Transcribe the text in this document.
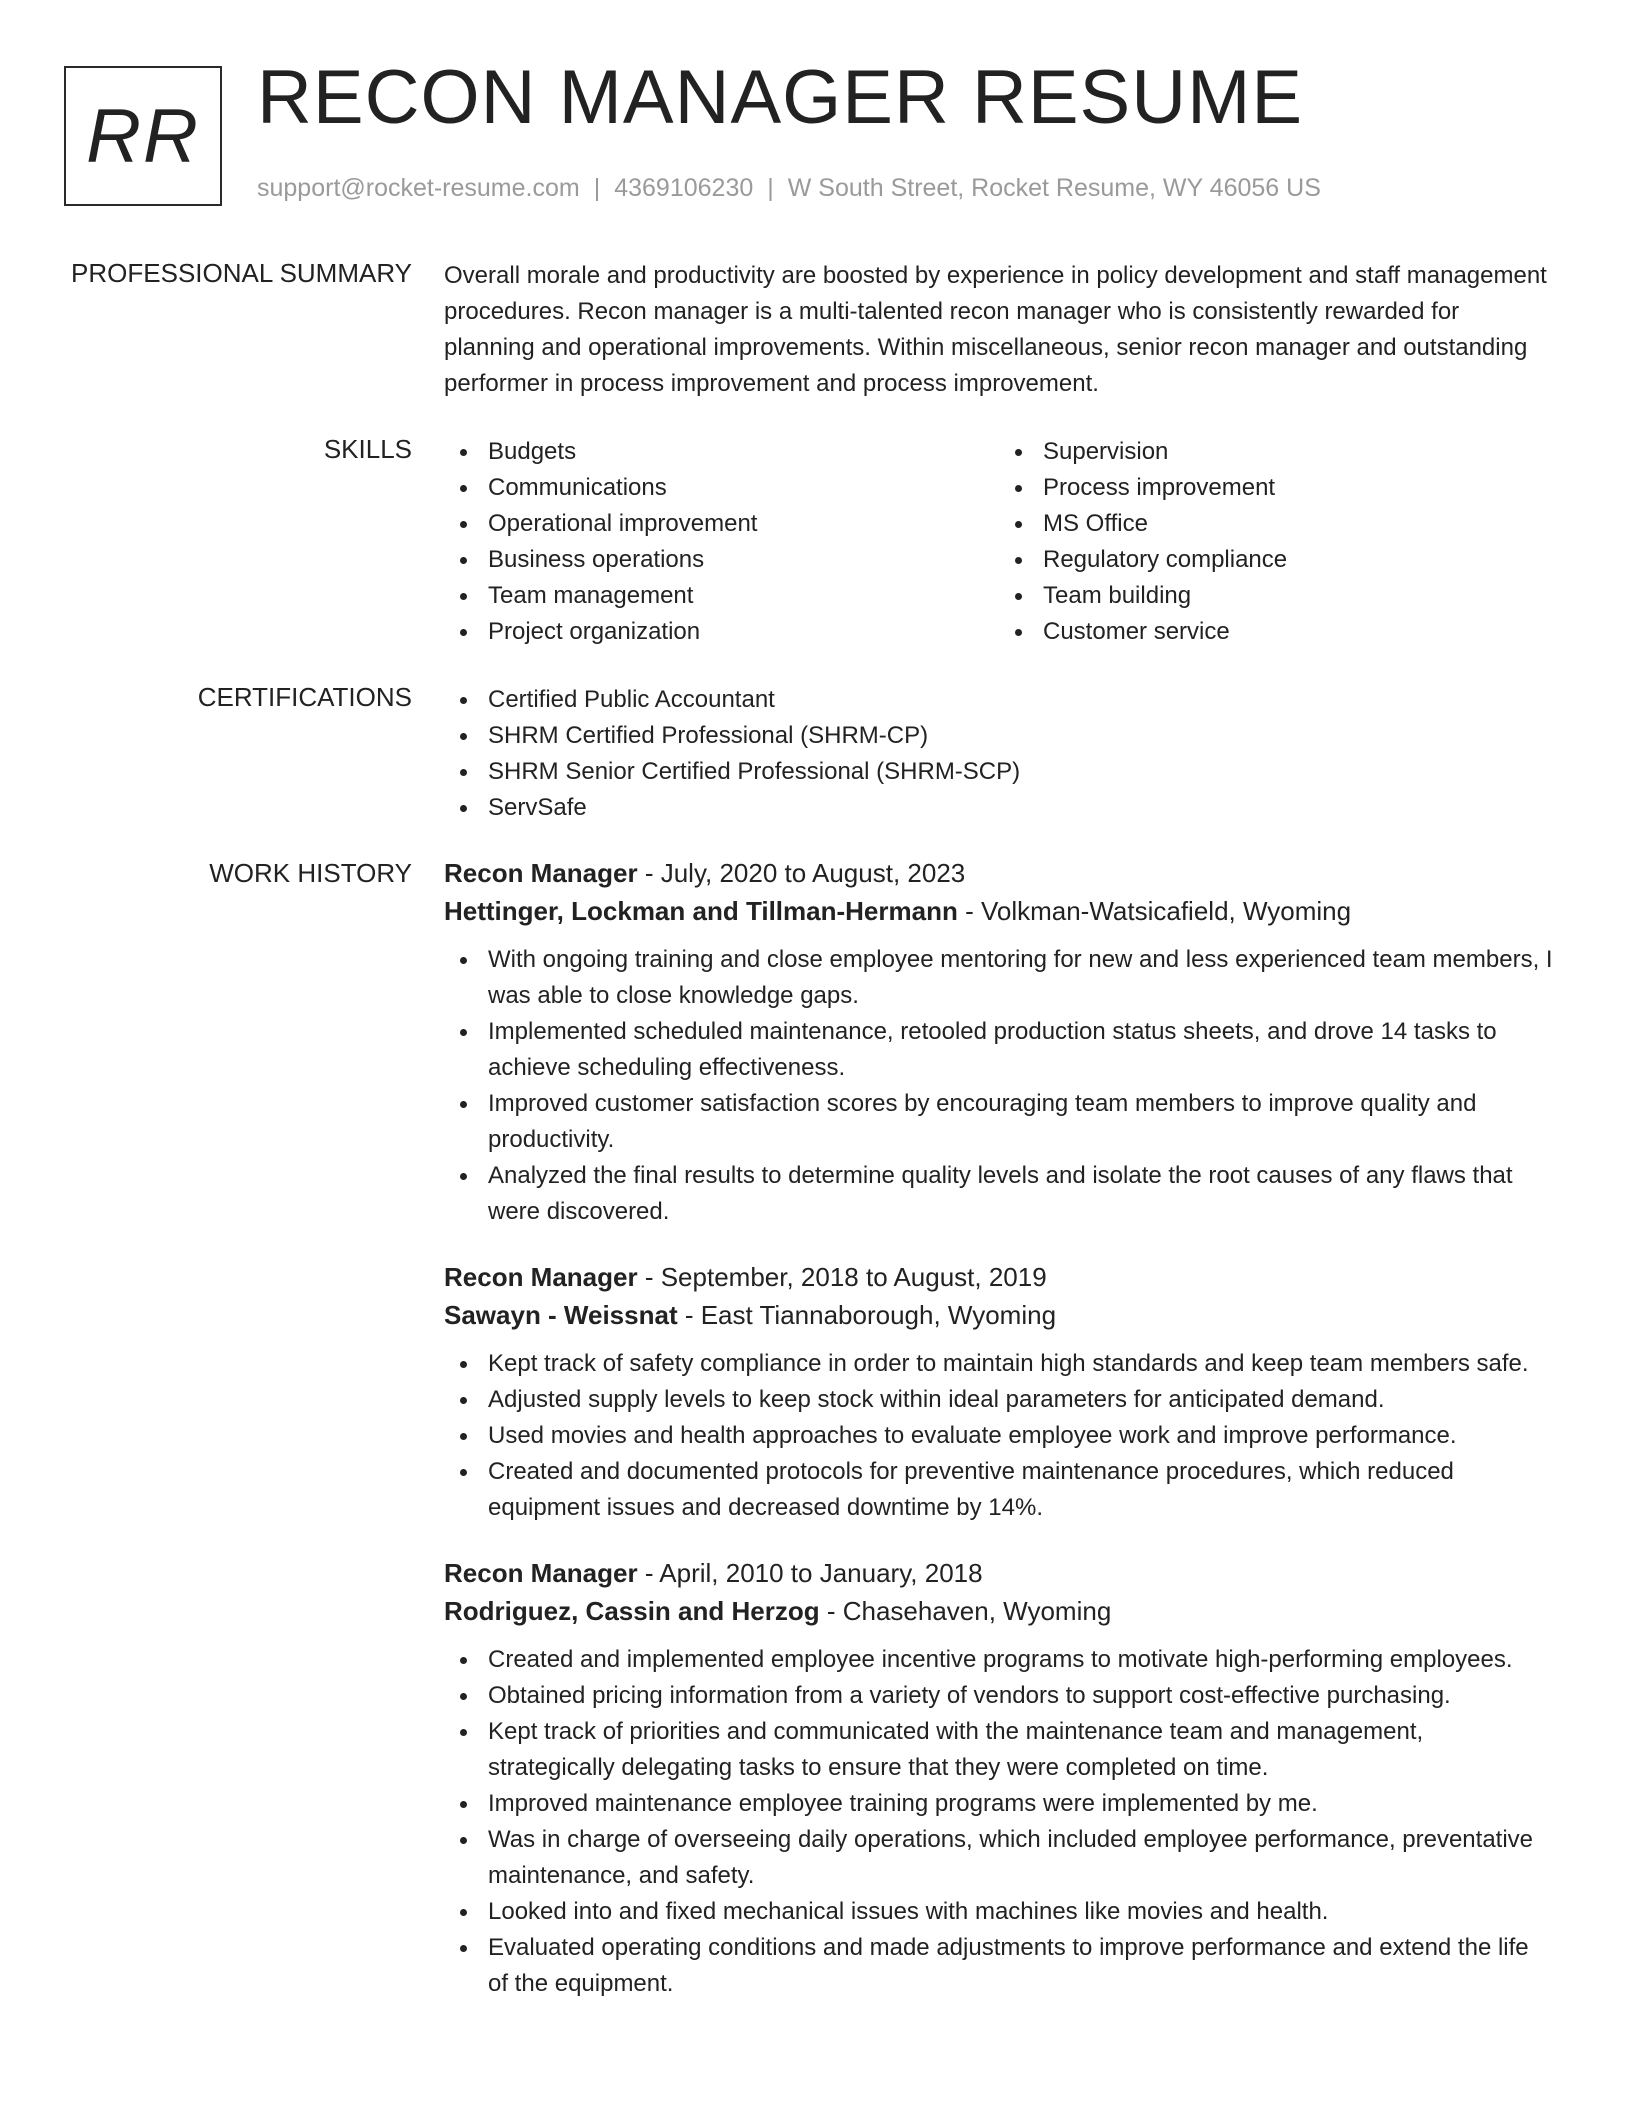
RR RECON MANAGER RESUME
support@rocket-resume.com | 4369106230 | W South Street, Rocket Resume, WY 46056 US
PROFESSIONAL SUMMARY Overall morale and productivity are boosted by experience in policy development and staff management procedures. Recon manager is a multi-talented recon manager who is consistently rewarded for planning and operational improvements. Within miscellaneous, senior recon manager and outstanding performer in process improvement and process improvement.

SKILLS	Budgets
Communications
Operational improvement
Business operations
Team management
Project organization
Supervision
Process improvement
MS Office
Regulatory compliance
Team building
Customer service
CERTIFICATIONS	Certified Public Accountant
SHRM Certified Professional (SHRM-CP)
SHRM Senior Certified Professional (SHRM-SCP)
ServSafe
WORK HISTORY Recon Manager - July, 2020 to August, 2023
Hettinger, Lockman and Tillman-Hermann - Volkman-Watsicafield, Wyoming
With ongoing training and close employee mentoring for new and less experienced team members, I was able to close knowledge gaps.
Implemented scheduled maintenance, retooled production status sheets, and drove 14 tasks to achieve scheduling effectiveness.
Improved customer satisfaction scores by encouraging team members to improve quality and productivity.
Analyzed the final results to determine quality levels and isolate the root causes of any flaws that were discovered.
Recon Manager - September, 2018 to August, 2019
Sawayn - Weissnat - East Tiannaborough, Wyoming
Kept track of safety compliance in order to maintain high standards and keep team members safe.
Adjusted supply levels to keep stock within ideal parameters for anticipated demand.
Used movies and health approaches to evaluate employee work and improve performance.
Created and documented protocols for preventive maintenance procedures, which reduced equipment issues and decreased downtime by 14%.
Recon Manager - April, 2010 to January, 2018
Rodriguez, Cassin and Herzog - Chasehaven, Wyoming
Created and implemented employee incentive programs to motivate high-performing employees.
Obtained pricing information from a variety of vendors to support cost-effective purchasing.
Kept track of priorities and communicated with the maintenance team and management, strategically delegating tasks to ensure that they were completed on time.
Improved maintenance employee training programs were implemented by me.
Was in charge of overseeing daily operations, which included employee performance, preventative maintenance, and safety.
Looked into and fixed mechanical issues with machines like movies and health.
Evaluated operating conditions and made adjustments to improve performance and extend the life of the equipment.
